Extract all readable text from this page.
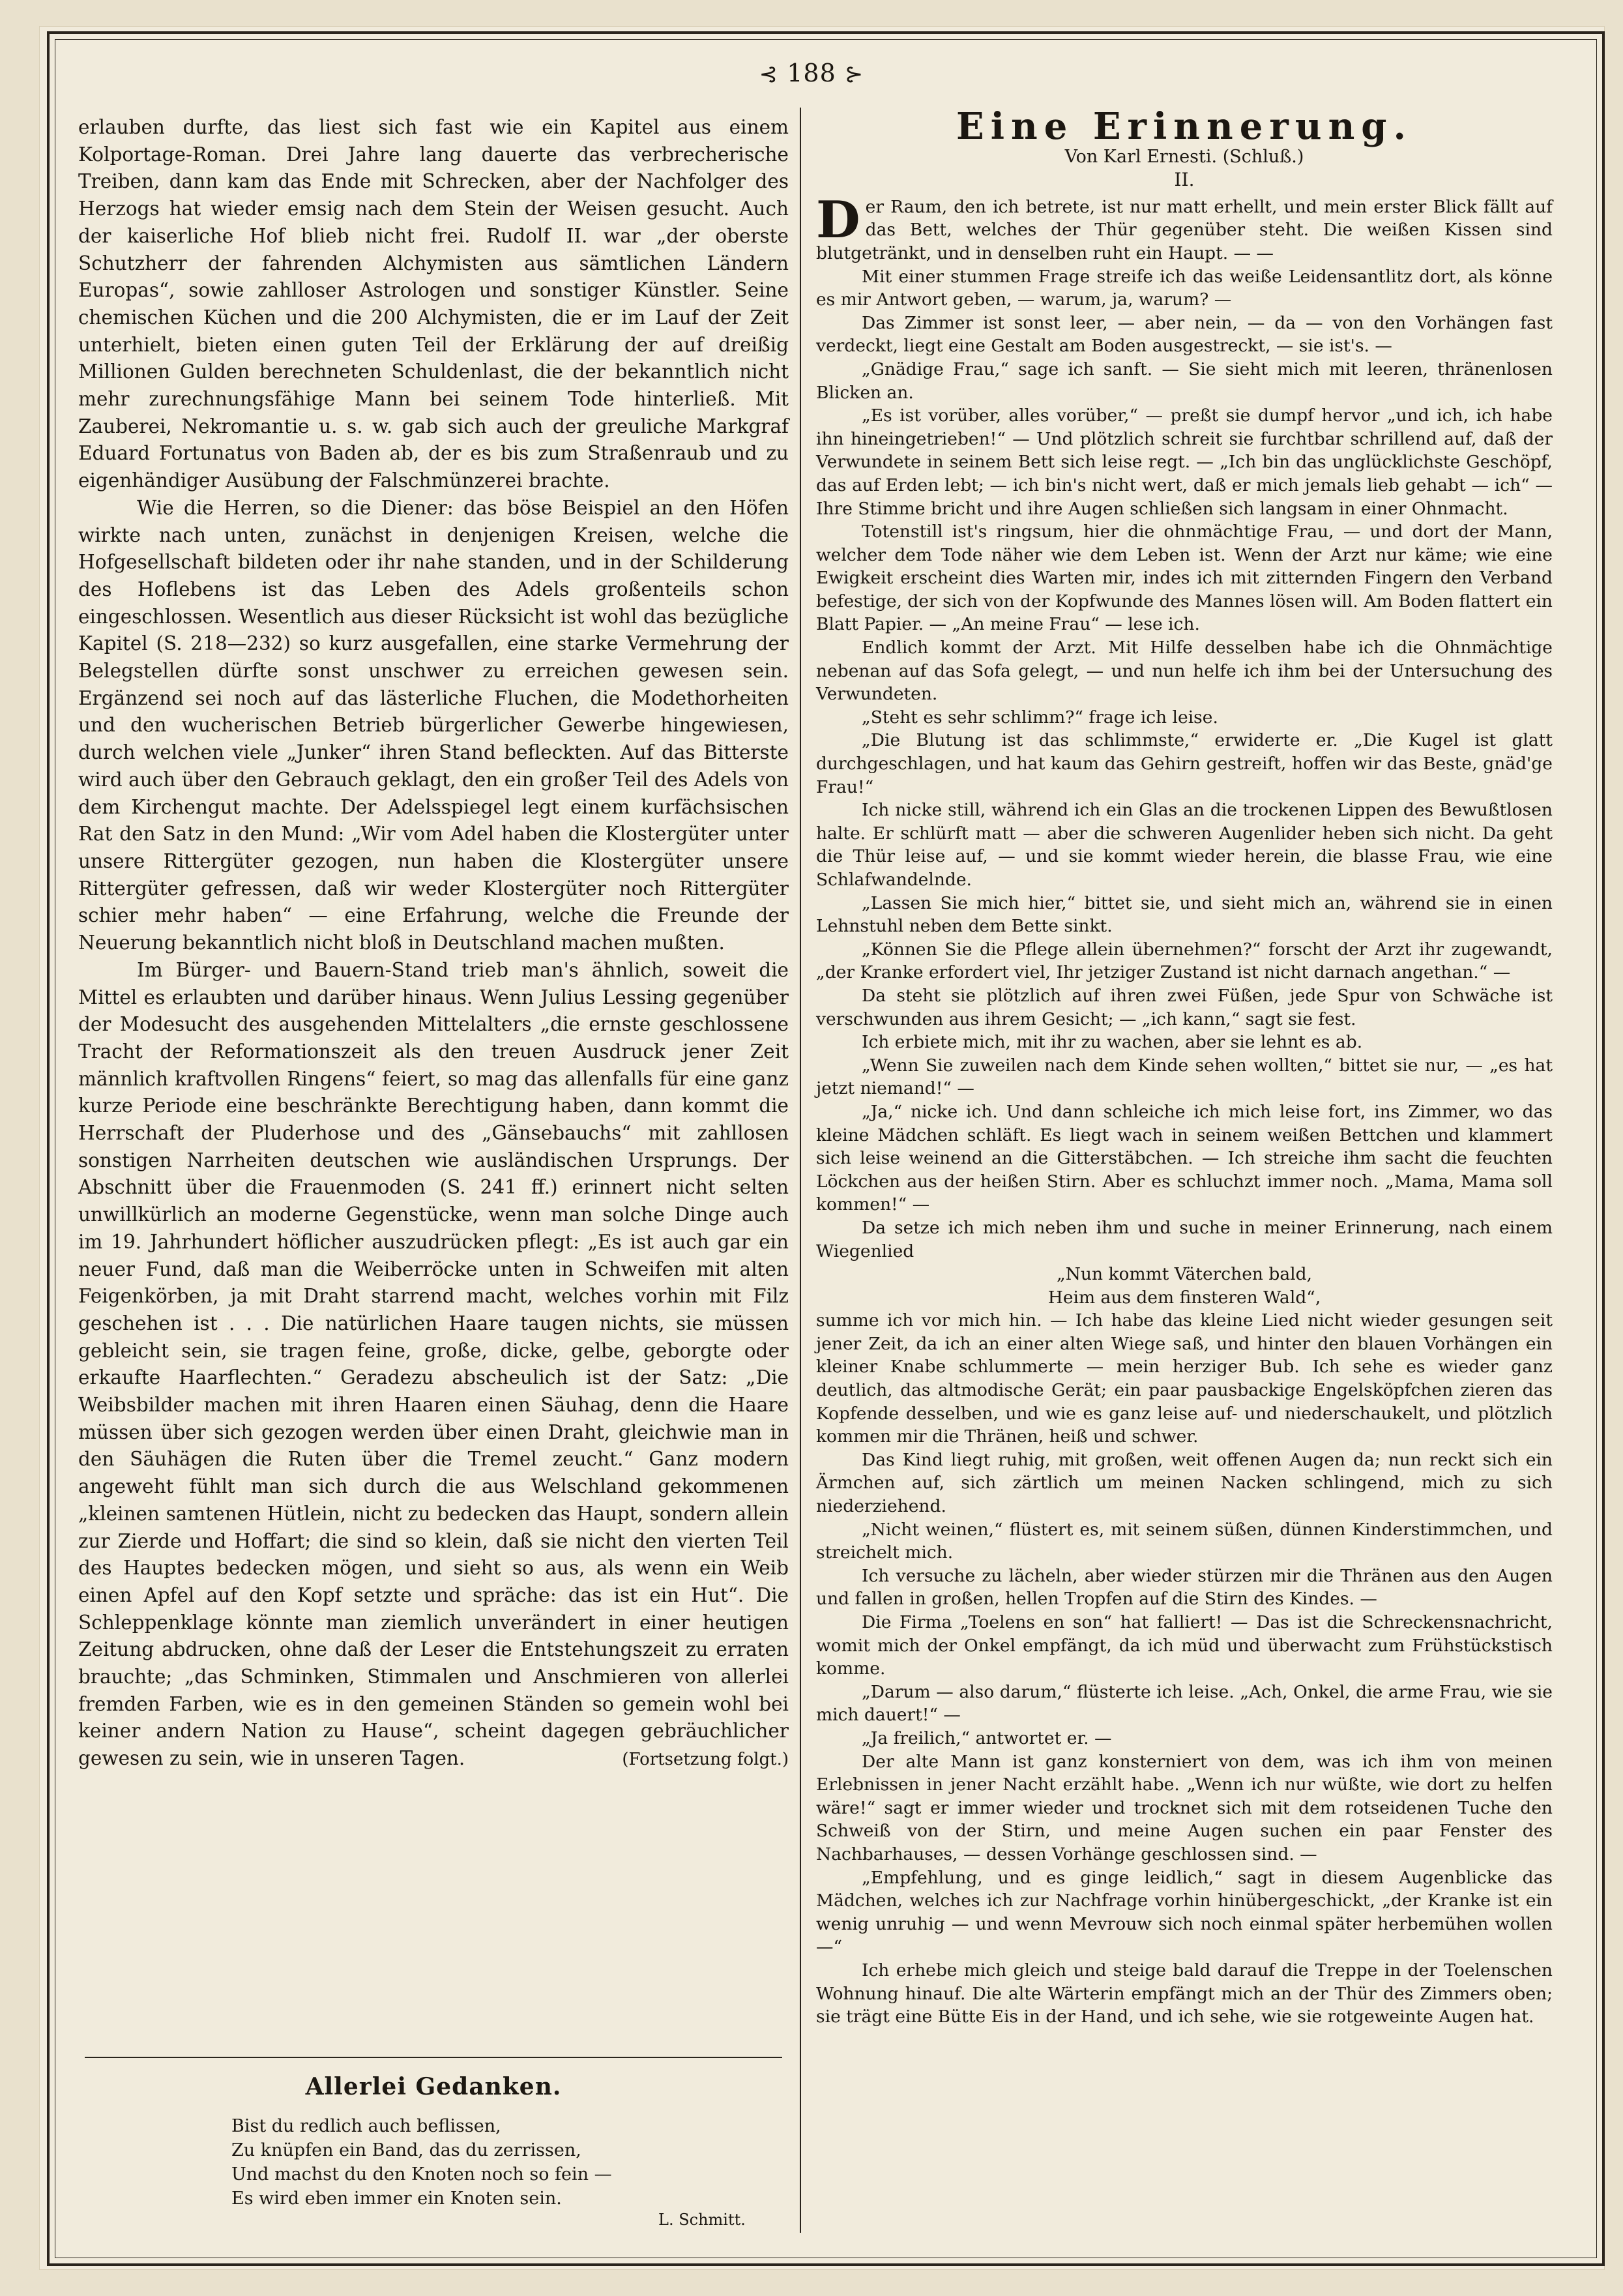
⊰ 188 ⊱

erlauben durfte, das liest sich fast wie ein Kapitel aus einem Kolportage-Roman. Drei Jahre lang dauerte das verbrecherische Treiben, dann kam das Ende mit Schrecken, aber der Nachfolger des Herzogs hat wieder emsig nach dem Stein der Weisen gesucht. Auch der kaiserliche Hof blieb nicht frei. Rudolf II. war „der oberste Schutzherr der fahrenden Alchymisten aus sämtlichen Ländern Europas“, sowie zahlloser Astrologen und sonstiger Künstler. Seine chemischen Küchen und die 200 Alchymisten, die er im Lauf der Zeit unterhielt, bieten einen guten Teil der Erklärung der auf dreißig Millionen Gulden berechneten Schuldenlast, die der bekanntlich nicht mehr zurechnungsfähige Mann bei seinem Tode hinterließ. Mit Zauberei, Nekromantie u. s. w. gab sich auch der greuliche Markgraf Eduard Fortunatus von Baden ab, der es bis zum Straßenraub und zu eigenhändiger Ausübung der Falschmünzerei brachte.

Wie die Herren, so die Diener: das böse Beispiel an den Höfen wirkte nach unten, zunächst in denjenigen Kreisen, welche die Hofgesellschaft bildeten oder ihr nahe standen, und in der Schilderung des Hoflebens ist das Leben des Adels großenteils schon eingeschlossen. Wesentlich aus dieser Rücksicht ist wohl das bezügliche Kapitel (S. 218—232) so kurz ausgefallen, eine starke Vermehrung der Belegstellen dürfte sonst unschwer zu erreichen gewesen sein. Ergänzend sei noch auf das lästerliche Fluchen, die Modethorheiten und den wucherischen Betrieb bürgerlicher Gewerbe hingewiesen, durch welchen viele „Junker“ ihren Stand befleckten. Auf das Bitterste wird auch über den Gebrauch geklagt, den ein großer Teil des Adels von dem Kirchengut machte. Der Adelsspiegel legt einem kurfächsischen Rat den Satz in den Mund: „Wir vom Adel haben die Klostergüter unter unsere Rittergüter gezogen, nun haben die Klostergüter unsere Rittergüter gefressen, daß wir weder Klostergüter noch Rittergüter schier mehr haben“ — eine Erfahrung, welche die Freunde der Neuerung bekanntlich nicht bloß in Deutschland machen mußten.

Im Bürger- und Bauern-Stand trieb man's ähnlich, soweit die Mittel es erlaubten und darüber hinaus. Wenn Julius Lessing gegenüber der Modesucht des ausgehenden Mittelalters „die ernste geschlossene Tracht der Reformationszeit als den treuen Ausdruck jener Zeit männlich kraftvollen Ringens“ feiert, so mag das allenfalls für eine ganz kurze Periode eine beschränkte Berechtigung haben, dann kommt die Herrschaft der Pluderhose und des „Gänsebauchs“ mit zahllosen sonstigen Narrheiten deutschen wie ausländischen Ursprungs. Der Abschnitt über die Frauenmoden (S. 241 ff.) erinnert nicht selten unwillkürlich an moderne Gegenstücke, wenn man solche Dinge auch im 19. Jahrhundert höflicher auszudrücken pflegt: „Es ist auch gar ein neuer Fund, daß man die Weiberröcke unten in Schweifen mit alten Feigenkörben, ja mit Draht starrend macht, welches vorhin mit Filz geschehen ist . . . Die natürlichen Haare taugen nichts, sie müssen gebleicht sein, sie tragen feine, große, dicke, gelbe, geborgte oder erkaufte Haarflechten.“ Geradezu abscheulich ist der Satz: „Die Weibsbilder machen mit ihren Haaren einen Säuhag, denn die Haare müssen über sich gezogen werden über einen Draht, gleichwie man in den Säuhägen die Ruten über die Tremel zeucht.“ Ganz modern angeweht fühlt man sich durch die aus Welschland gekommenen „kleinen samtenen Hütlein, nicht zu bedecken das Haupt, sondern allein zur Zierde und Hoffart; die sind so klein, daß sie nicht den vierten Teil des Hauptes bedecken mögen, und sieht so aus, als wenn ein Weib einen Apfel auf den Kopf setzte und spräche: das ist ein Hut“. Die Schleppenklage könnte man ziemlich unverändert in einer heutigen Zeitung abdrucken, ohne daß der Leser die Entstehungszeit zu erraten brauchte; „das Schminken, Stimmalen und Anschmieren von allerlei fremden Farben, wie es in den gemeinen Ständen so gemein wohl bei keiner andern Nation zu Hause“, scheint dagegen gebräuchlicher gewesen zu sein, wie in unseren Tagen.	(Fortsetzung folgt.)
Allerlei Gedanken.
Bist du redlich auch beflissen,
Zu knüpfen ein Band, das du zerrissen,
Und machst du den Knoten noch so fein —
Es wird eben immer ein Knoten sein.
L. Schmitt.
Eine Erinnerung.
Von Karl Ernesti. (Schluß.)
II.

Der Raum, den ich betrete, ist nur matt erhellt, und mein erster Blick fällt auf das Bett, welches der Thür gegenüber steht. Die weißen Kissen sind blutgetränkt, und in denselben ruht ein Haupt. — —

Mit einer stummen Frage streife ich das weiße Leidensantlitz dort, als könne es mir Antwort geben, — warum, ja, warum? —

Das Zimmer ist sonst leer, — aber nein, — da — von den Vorhängen fast verdeckt, liegt eine Gestalt am Boden ausgestreckt, — sie ist's. —

„Gnädige Frau,“ sage ich sanft. — Sie sieht mich mit leeren, thränenlosen Blicken an.

„Es ist vorüber, alles vorüber,“ — preßt sie dumpf hervor „und ich, ich habe ihn hineingetrieben!“ — Und plötzlich schreit sie furchtbar schrillend auf, daß der Verwundete in seinem Bett sich leise regt. — „Ich bin das unglücklichste Geschöpf, das auf Erden lebt; — ich bin's nicht wert, daß er mich jemals lieb gehabt — ich“ — Ihre Stimme bricht und ihre Augen schließen sich langsam in einer Ohnmacht.

Totenstill ist's ringsum, hier die ohnmächtige Frau, — und dort der Mann, welcher dem Tode näher wie dem Leben ist. Wenn der Arzt nur käme; wie eine Ewigkeit erscheint dies Warten mir, indes ich mit zitternden Fingern den Verband befestige, der sich von der Kopfwunde des Mannes lösen will. Am Boden flattert ein Blatt Papier. — „An meine Frau“ — lese ich.

Endlich kommt der Arzt. Mit Hilfe desselben habe ich die Ohnmächtige nebenan auf das Sofa gelegt, — und nun helfe ich ihm bei der Untersuchung des Verwundeten.

„Steht es sehr schlimm?“ frage ich leise.

„Die Blutung ist das schlimmste,“ erwiderte er. „Die Kugel ist glatt durchgeschlagen, und hat kaum das Gehirn gestreift, hoffen wir das Beste, gnäd'ge Frau!“

Ich nicke still, während ich ein Glas an die trockenen Lippen des Bewußtlosen halte. Er schlürft matt — aber die schweren Augenlider heben sich nicht. Da geht die Thür leise auf, — und sie kommt wieder herein, die blasse Frau, wie eine Schlafwandelnde.

„Lassen Sie mich hier,“ bittet sie, und sieht mich an, während sie in einen Lehnstuhl neben dem Bette sinkt.

„Können Sie die Pflege allein übernehmen?“ forscht der Arzt ihr zugewandt, „der Kranke erfordert viel, Ihr jetziger Zustand ist nicht darnach angethan.“ —

Da steht sie plötzlich auf ihren zwei Füßen, jede Spur von Schwäche ist verschwunden aus ihrem Gesicht; — „ich kann,“ sagt sie fest.

Ich erbiete mich, mit ihr zu wachen, aber sie lehnt es ab.

„Wenn Sie zuweilen nach dem Kinde sehen wollten,“ bittet sie nur, — „es hat jetzt niemand!“ —

„Ja,“ nicke ich. Und dann schleiche ich mich leise fort, ins Zimmer, wo das kleine Mädchen schläft. Es liegt wach in seinem weißen Bettchen und klammert sich leise weinend an die Gitterstäbchen. — Ich streiche ihm sacht die feuchten Löckchen aus der heißen Stirn. Aber es schluchzt immer noch. „Mama, Mama soll kommen!“ —

Da setze ich mich neben ihm und suche in meiner Erinnerung, nach einem Wiegenlied

„Nun kommt Väterchen bald,

Heim aus dem finsteren Wald“,

summe ich vor mich hin. — Ich habe das kleine Lied nicht wieder gesungen seit jener Zeit, da ich an einer alten Wiege saß, und hinter den blauen Vorhängen ein kleiner Knabe schlummerte — mein herziger Bub. Ich sehe es wieder ganz deutlich, das altmodische Gerät; ein paar pausbackige Engelsköpfchen zieren das Kopfende desselben, und wie es ganz leise auf- und niederschaukelt, und plötzlich kommen mir die Thränen, heiß und schwer.

Das Kind liegt ruhig, mit großen, weit offenen Augen da; nun reckt sich ein Ärmchen auf, sich zärtlich um meinen Nacken schlingend, mich zu sich niederziehend.

„Nicht weinen,“ flüstert es, mit seinem süßen, dünnen Kinderstimmchen, und streichelt mich.

Ich versuche zu lächeln, aber wieder stürzen mir die Thränen aus den Augen und fallen in großen, hellen Tropfen auf die Stirn des Kindes. —

Die Firma „Toelens en son“ hat falliert! — Das ist die Schreckensnachricht, womit mich der Onkel empfängt, da ich müd und überwacht zum Frühstückstisch komme.

„Darum — also darum,“ flüsterte ich leise. „Ach, Onkel, die arme Frau, wie sie mich dauert!“ —

„Ja freilich,“ antwortet er. —

Der alte Mann ist ganz konsterniert von dem, was ich ihm von meinen Erlebnissen in jener Nacht erzählt habe. „Wenn ich nur wüßte, wie dort zu helfen wäre!“ sagt er immer wieder und trocknet sich mit dem rotseidenen Tuche den Schweiß von der Stirn, und meine Augen suchen ein paar Fenster des Nachbarhauses, — dessen Vorhänge geschlossen sind. —

„Empfehlung, und es ginge leidlich,“ sagt in diesem Augenblicke das Mädchen, welches ich zur Nachfrage vorhin hinübergeschickt, „der Kranke ist ein wenig unruhig — und wenn Mevrouw sich noch einmal später herbemühen wollen —“

Ich erhebe mich gleich und steige bald darauf die Treppe in der Toelenschen Wohnung hinauf. Die alte Wärterin empfängt mich an der Thür des Zimmers oben; sie trägt eine Bütte Eis in der Hand, und ich sehe, wie sie rotgeweinte Augen hat.
